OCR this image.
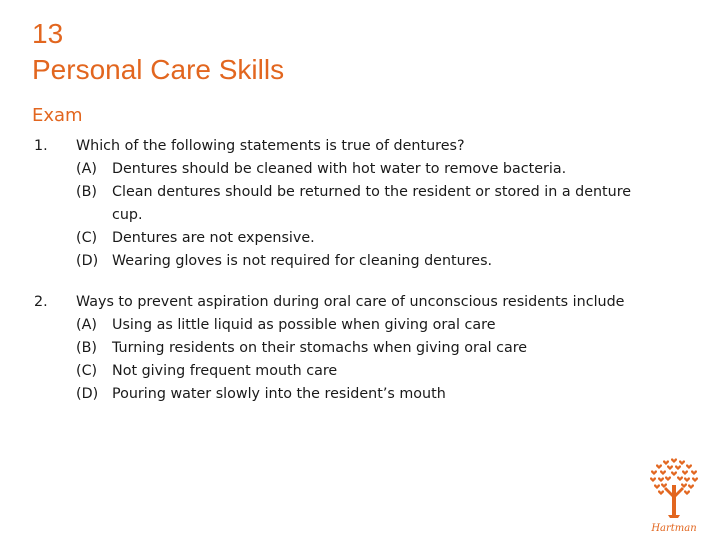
13
Personal Care Skills
Exam
1.	Which of the following statements is true of dentures?
(A)	Dentures should be cleaned with hot water to remove bacteria.
(B)	Clean dentures should be returned to the resident or stored in a denture cup.
(C)	Dentures are not expensive.
(D) Wearing gloves is not required for cleaning dentures.
2.	Ways to prevent aspiration during oral care of unconscious residents include
(A)	Using as little liquid as possible when giving oral care
(B)	Turning residents on their stomachs when giving oral care
(C)	Not giving frequent mouth care
(D) Pouring water slowly into the resident’s mouth
Hartman
